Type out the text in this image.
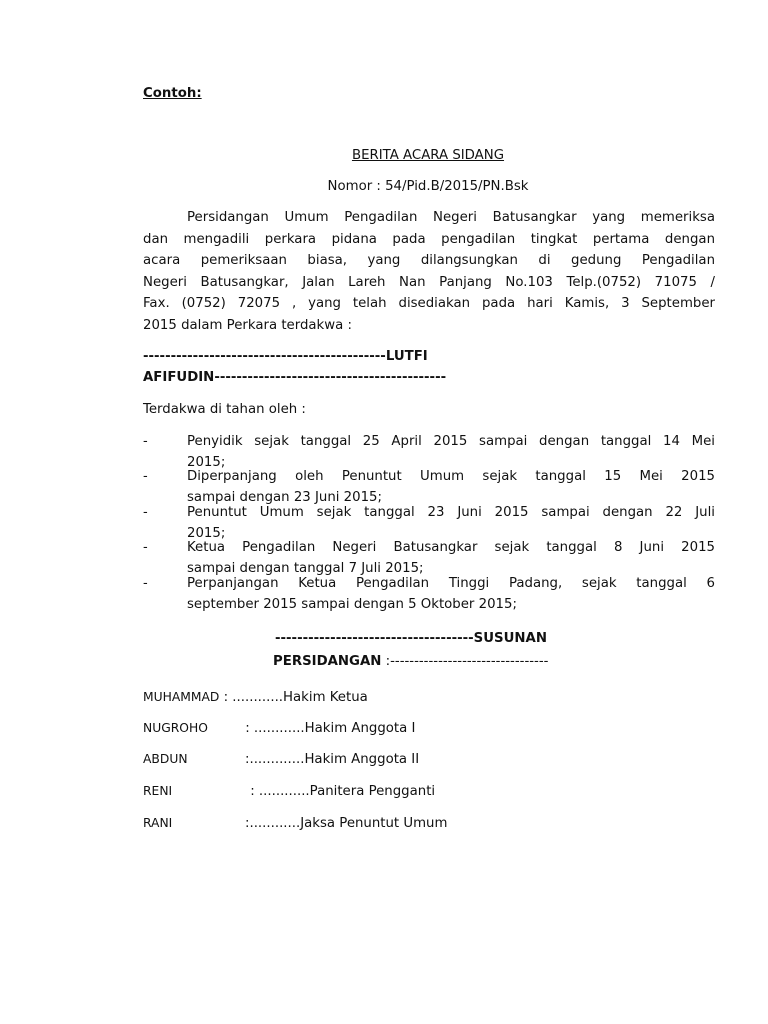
Contoh:
BERITA ACARA SIDANG
Nomor : 54/Pid.B/2015/PN.Bsk
Persidangan Umum Pengadilan Negeri Batusangkar yang memeriksa
dan mengadili perkara pidana pada pengadilan tingkat pertama dengan
acara pemeriksaan biasa, yang dilangsungkan di gedung Pengadilan
Negeri Batusangkar, Jalan Lareh Nan Panjang No.103 Telp.(0752) 71075 /
Fax. (0752) 72075 , yang telah disediakan pada hari Kamis, 3 September
2015 dalam Perkara terdakwa :
--------------------------------------------LUTFI
AFIFUDIN------------------------------------------
Terdakwa di tahan oleh :
-	Penyidik sejak tanggal 25 April 2015 sampai dengan tanggal 14 Mei
2015;
-	Diperpanjang oleh Penuntut Umum sejak tanggal 15 Mei 2015
sampai dengan 23 Juni 2015;
-	Penuntut Umum sejak tanggal 23 Juni 2015 sampai dengan 22 Juli
2015;
-	Ketua Pengadilan Negeri Batusangkar sejak tanggal 8 Juni 2015
sampai dengan tanggal 7 Juli 2015;
-	Perpanjangan Ketua Pengadilan Tinggi Padang, sejak tanggal 6
september 2015 sampai dengan 5 Oktober 2015;
------------------------------------SUSUNAN
PERSIDANGAN :---------------------------------
MUHAMMAD : ............Hakim Ketua
NUGROHO : ............Hakim Anggota I
ABDUN	:.............Hakim Anggota II
RENI	: ............Panitera Pengganti
RANI	:............Jaksa Penuntut Umum
